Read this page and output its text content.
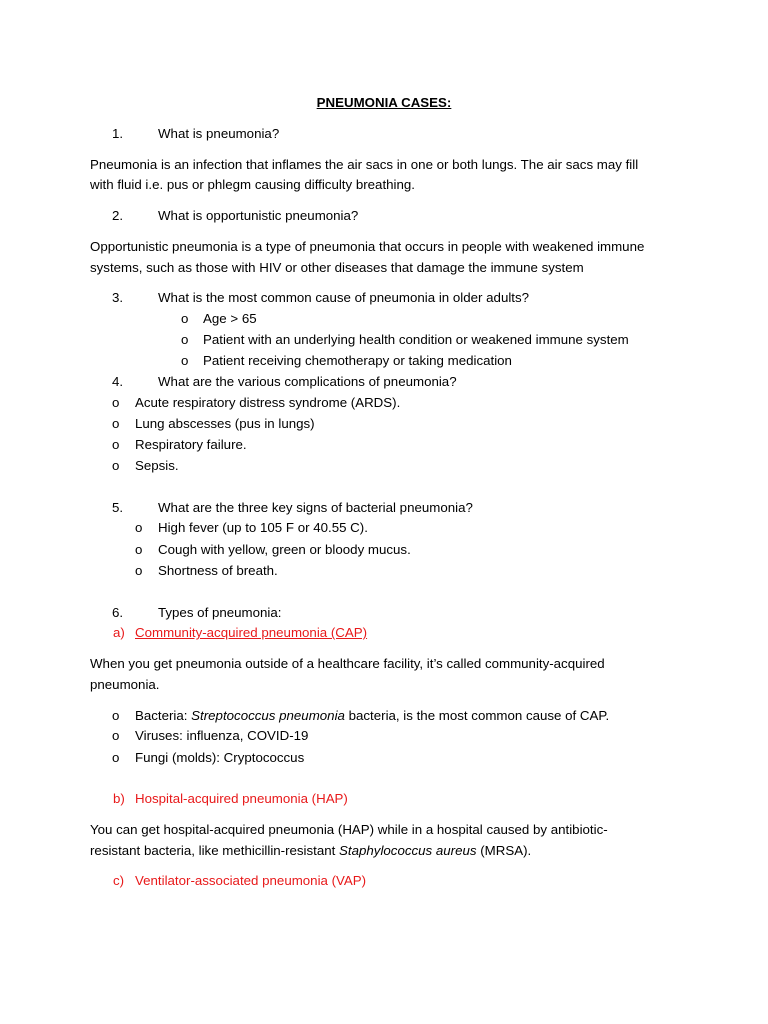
PNEUMONIA CASES:
1.	What is pneumonia?
Pneumonia is an infection that inflames the air sacs in one or both lungs. The air sacs may fill
with fluid i.e. pus or phlegm causing difficulty breathing.
2.	What is opportunistic pneumonia?
Opportunistic pneumonia is a type of pneumonia that occurs in people with weakened immune
systems, such as those with HIV or other diseases that damage the immune system
3.	What is the most common cause of pneumonia in older adults?
o Age > 65
o Patient with an underlying health condition or weakened immune system
o Patient receiving chemotherapy or taking medication
4.	What are the various complications of pneumonia?
o Acute respiratory distress syndrome (ARDS).
o Lung abscesses (pus in lungs)
o Respiratory failure.
o Sepsis.
5.	What are the three key signs of bacterial pneumonia?
o High fever (up to 105 F or 40.55 C).
o Cough with yellow, green or bloody mucus.
o Shortness of breath.
6.	Types of pneumonia:
a) Community-acquired pneumonia (CAP)
When you get pneumonia outside of a healthcare facility, it’s called community-acquired
pneumonia.
o Bacteria: Streptococcus pneumonia bacteria, is the most common cause of CAP.
o Viruses: influenza, COVID-19
o Fungi (molds): Cryptococcus
b) Hospital-acquired pneumonia (HAP)
You can get hospital-acquired pneumonia (HAP) while in a hospital caused by antibiotic-
resistant bacteria, like methicillin-resistant Staphylococcus aureus (MRSA).
c) Ventilator-associated pneumonia (VAP)
